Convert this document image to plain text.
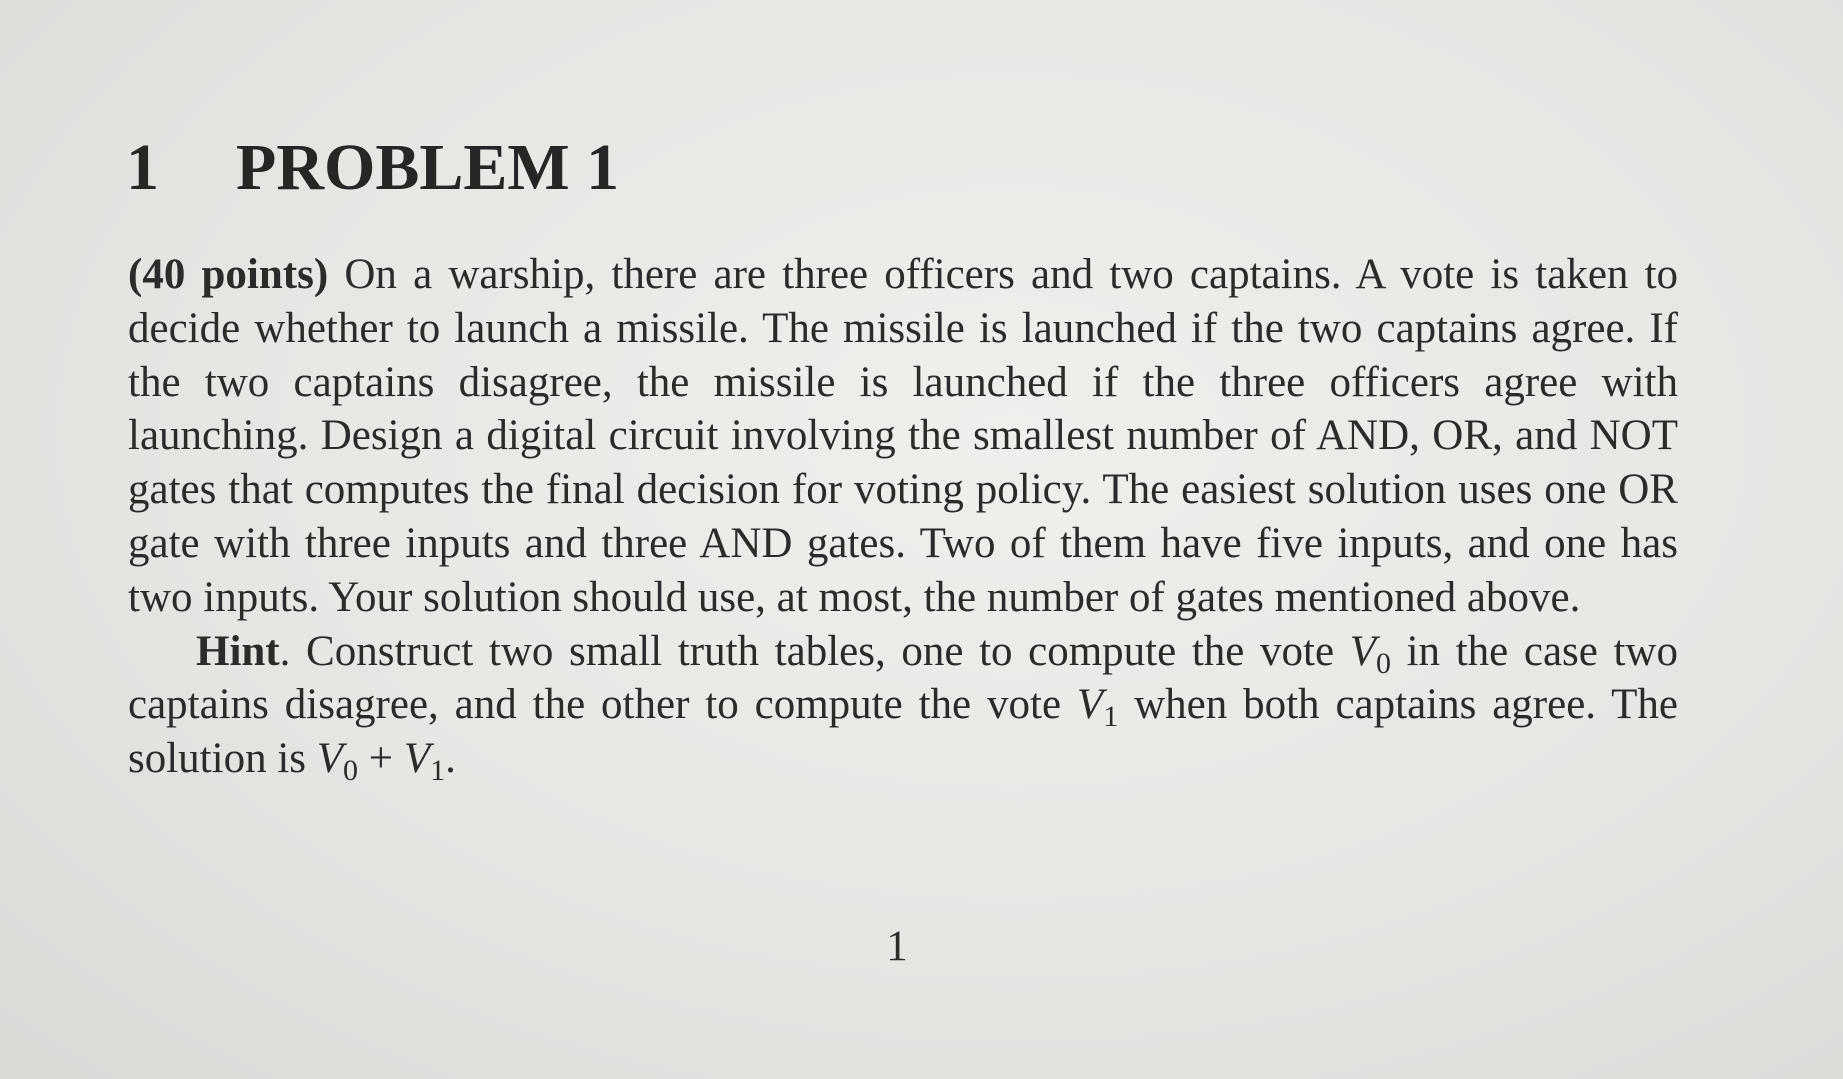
1 PROBLEM 1

(40 points) On a warship, there are three officers and two captains. A vote is taken to decide whether to launch a missile. The missile is launched if the two captains agree. If the two captains disagree, the missile is launched if the three officers agree with launching. Design a digital circuit involving the smallest number of AND, OR, and NOT gates that computes the final decision for voting policy. The easiest solution uses one OR gate with three inputs and three AND gates. Two of them have five inputs, and one has two inputs. Your solution should use, at most, the number of gates mentioned above.

Hint. Construct two small truth tables, one to compute the vote $V_0$ in the case two captains disagree, and the other to compute the vote $V_1$ when both captains agree. The solution is $V_0 + V_1$.

1
